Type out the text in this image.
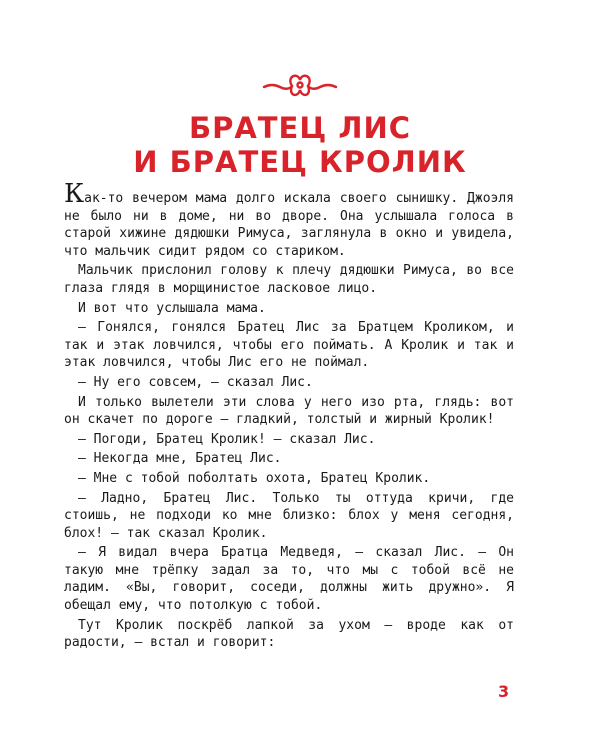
БРАТЕЦ ЛИС
И БРАТЕЦ КРОЛИК

Как-то вечером мама долго искала своего сынишку. Джоэля не было ни в доме, ни во дворе. Она услышала голоса в старой хижине дядюшки Римуса, заглянула в окно и увидела, что мальчик сидит рядом со стариком.

Мальчик прислонил голову к плечу дядюшки Римуса, во все глаза глядя в морщинистое ласковое лицо.

И вот что услышала мама.

— Гонялся, гонялся Братец Лис за Братцем Кроликом, и так и этак ловчился, чтобы его поймать. А Кролик и так и этак ловчился, чтобы Лис его не поймал.

— Ну его совсем, — сказал Лис.

И только вылетели эти слова у него изо рта, глядь: вот он скачет по дороге — гладкий, толстый и жирный Кролик!

— Погоди, Братец Кролик! — сказал Лис.

— Некогда мне, Братец Лис.

— Мне с тобой поболтать охота, Братец Кролик.

— Ладно, Братец Лис. Только ты оттуда кричи, где стоишь, не подходи ко мне близко: блох у меня сегодня, блох! — так сказал Кролик.

— Я видал вчера Братца Медведя, — сказал Лис. — Он такую мне трёпку задал за то, что мы с тобой всё не ладим. «Вы, говорит, соседи, должны жить дружно». Я обещал ему, что потолкую с тобой.

Тут Кролик поскрёб лапкой за ухом — вроде как от радости, — встал и говорит:

3
